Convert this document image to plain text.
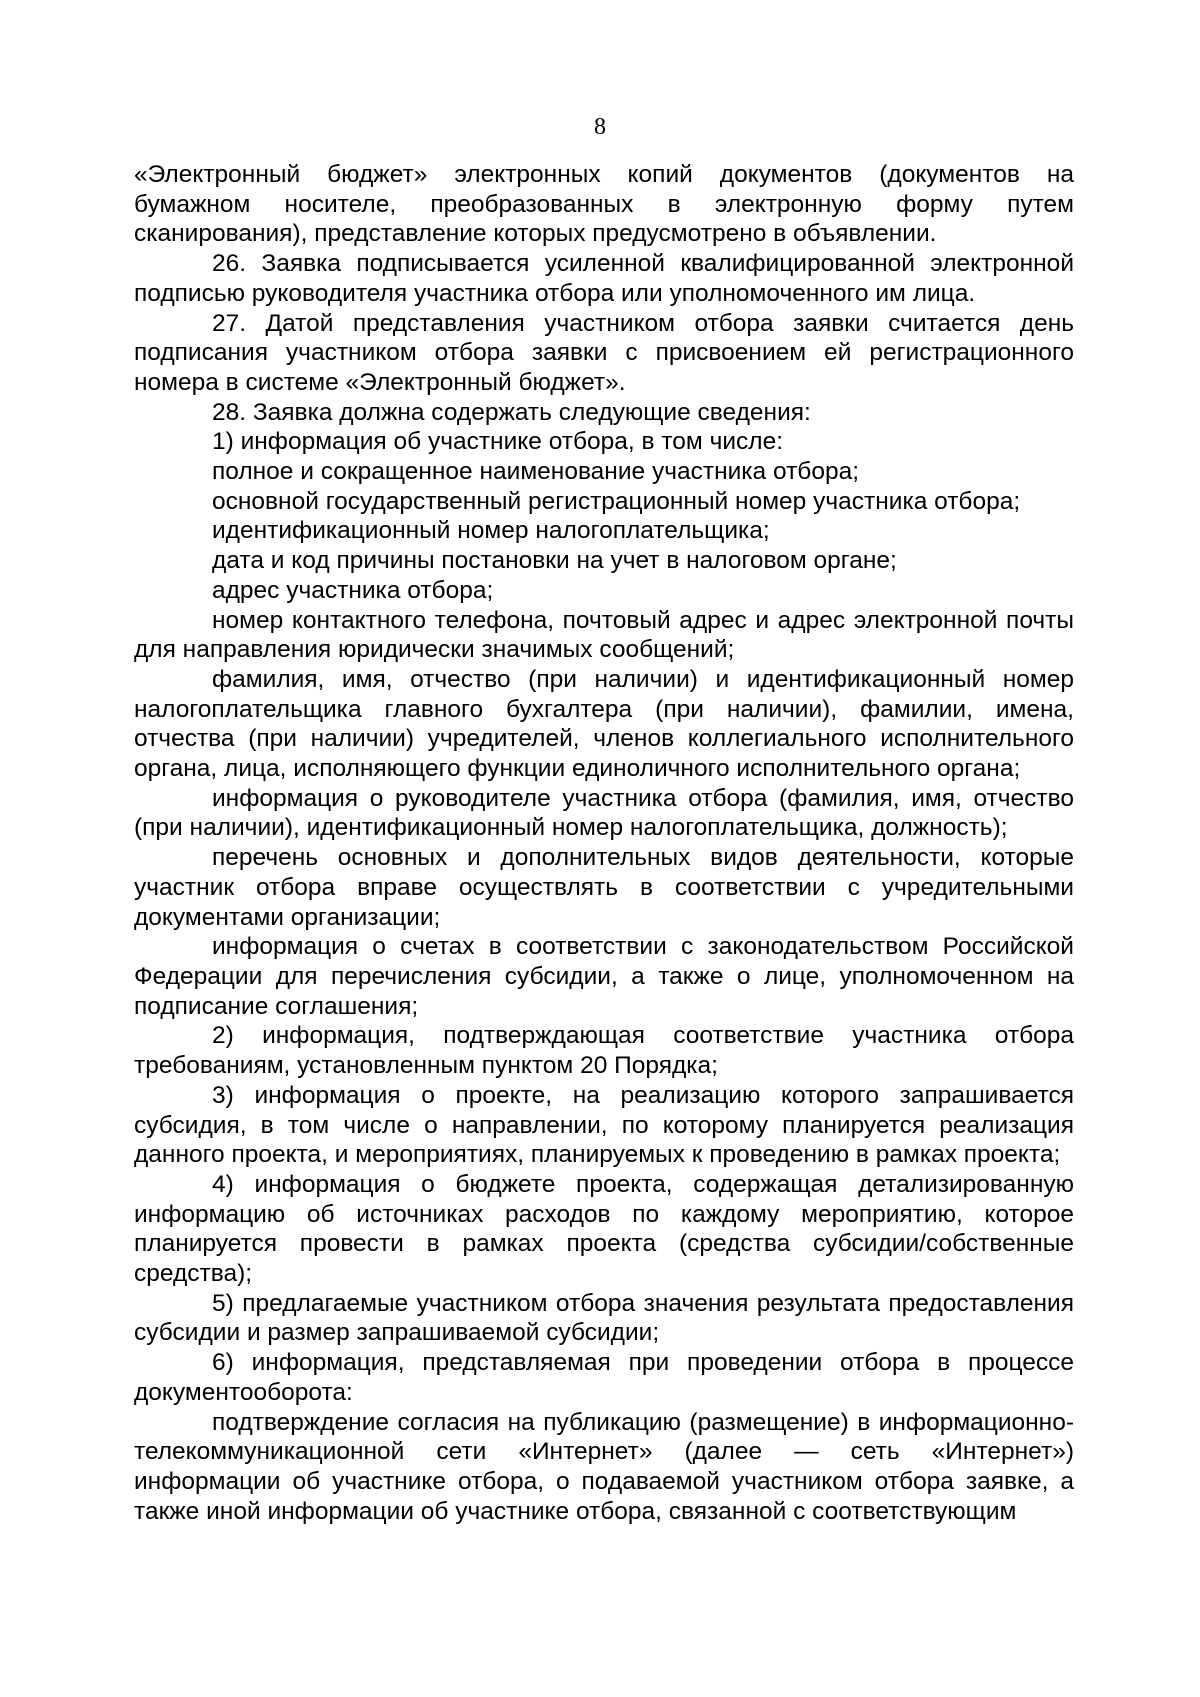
8

«Электронный бюджет» электронных копий документов (документов на бумажном носителе, преобразованных в электронную форму путем сканирования), представление которых предусмотрено в объявлении.

26. Заявка подписывается усиленной квалифицированной электронной подписью руководителя участника отбора или уполномоченного им лица.

27. Датой представления участником отбора заявки считается день подписания участником отбора заявки с присвоением ей регистрационного номера в системе «Электронный бюджет».

28. Заявка должна содержать следующие сведения:

1) информация об участнике отбора, в том числе:

полное и сокращенное наименование участника отбора;

основной государственный регистрационный номер участника отбора;

идентификационный номер налогоплательщика;

дата и код причины постановки на учет в налоговом органе;

адрес участника отбора;

номер контактного телефона, почтовый адрес и адрес электронной почты для направления юридически значимых сообщений;

фамилия, имя, отчество (при наличии) и идентификационный номер налогоплательщика главного бухгалтера (при наличии), фамилии, имена, отчества (при наличии) учредителей, членов коллегиального исполнительного органа, лица, исполняющего функции единоличного исполнительного органа;

информация о руководителе участника отбора (фамилия, имя, отчество (при наличии), идентификационный номер налогоплательщика, должность);

перечень основных и дополнительных видов деятельности, которые участник отбора вправе осуществлять в соответствии с учредительными документами организации;

информация о счетах в соответствии с законодательством Российской Федерации для перечисления субсидии, а также о лице, уполномоченном на подписание соглашения;

2) информация, подтверждающая соответствие участника отбора требованиям, установленным пунктом 20 Порядка;

3) информация о проекте, на реализацию которого запрашивается субсидия, в том числе о направлении, по которому планируется реализация данного проекта, и мероприятиях, планируемых к проведению в рамках проекта;

4) информация о бюджете проекта, содержащая детализированную информацию об источниках расходов по каждому мероприятию, которое планируется провести в рамках проекта (средства субсидии/собственные средства);

5) предлагаемые участником отбора значения результата предоставления субсидии и размер запрашиваемой субсидии;

6) информация, представляемая при проведении отбора в процессе документооборота:

подтверждение согласия на публикацию (размещение) в информационно-телекоммуникационной сети «Интернет» (далее — сеть «Интернет») информации об участнике отбора, о подаваемой участником отбора заявке, а также иной информации об участнике отбора, связанной с соответствующим
